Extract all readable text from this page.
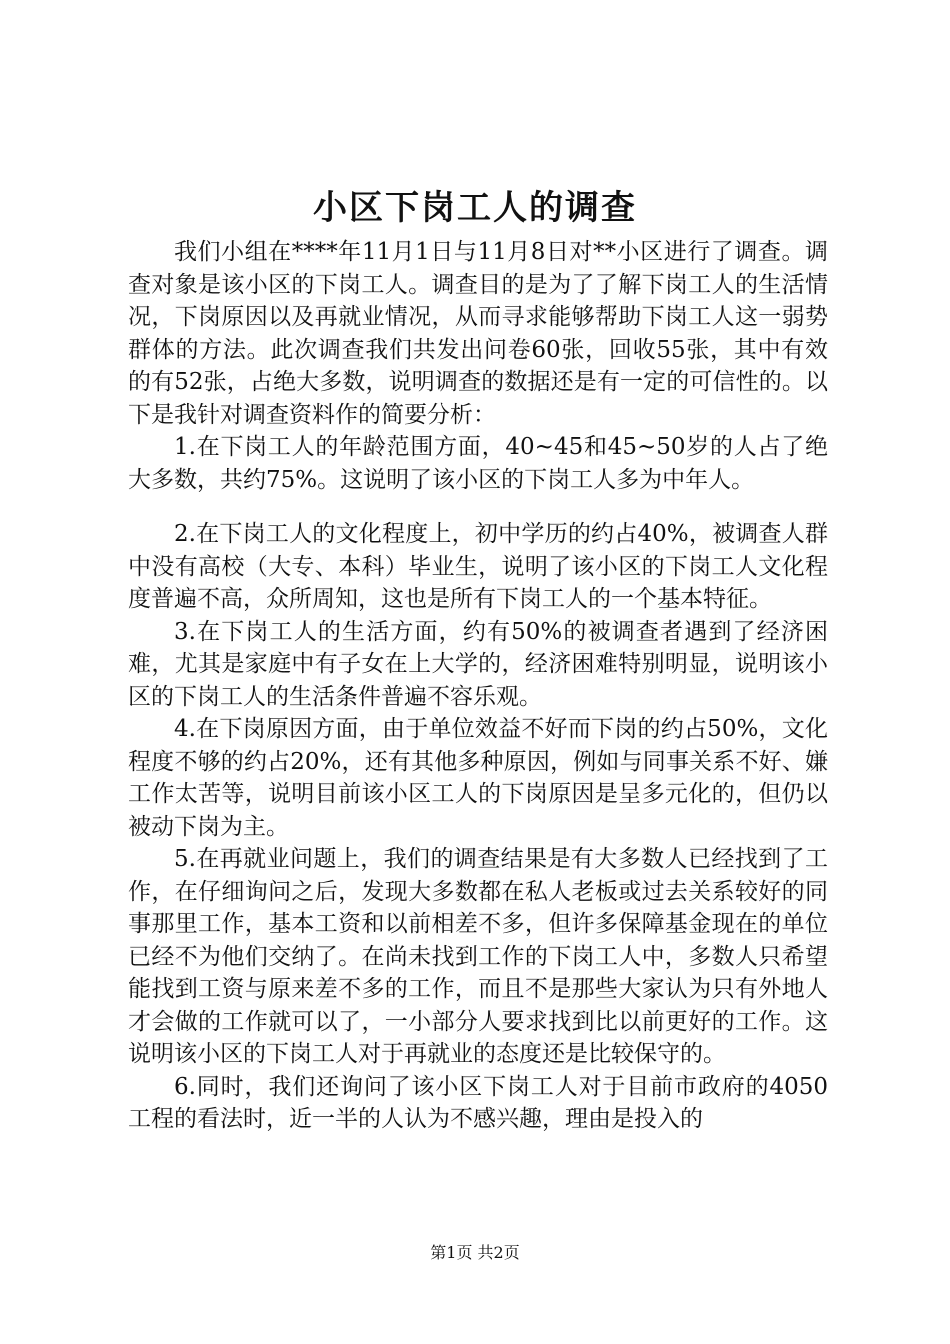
小区下岗工人的调查

我们小组在****年11月1日与11月8日对**小区进行了调查。调查对象是该小区的下岗工人。调查目的是为了了解下岗工人的生活情况，下岗原因以及再就业情况，从而寻求能够帮助下岗工人这一弱势群体的方法。此次调查我们共发出问卷60张，回收55张，其中有效的有52张，占绝大多数，说明调查的数据还是有一定的可信性的。以下是我针对调查资料作的简要分析：

1.在下岗工人的年龄范围方面，40~45和45~50岁的人占了绝大多数，共约75%。这说明了该小区的下岗工人多为中年人。

2.在下岗工人的文化程度上，初中学历的约占40%，被调查人群中没有高校（大专、本科）毕业生，说明了该小区的下岗工人文化程度普遍不高，众所周知，这也是所有下岗工人的一个基本特征。

3.在下岗工人的生活方面，约有50%的被调查者遇到了经济困难，尤其是家庭中有子女在上大学的，经济困难特别明显，说明该小区的下岗工人的生活条件普遍不容乐观。

4.在下岗原因方面，由于单位效益不好而下岗的约占50%，文化程度不够的约占20%，还有其他多种原因，例如与同事关系不好、嫌工作太苦等，说明目前该小区工人的下岗原因是呈多元化的，但仍以被动下岗为主。

5.在再就业问题上，我们的调查结果是有大多数人已经找到了工作，在仔细询问之后，发现大多数都在私人老板或过去关系较好的同事那里工作，基本工资和以前相差不多，但许多保障基金现在的单位已经不为他们交纳了。在尚未找到工作的下岗工人中，多数人只希望能找到工资与原来差不多的工作，而且不是那些大家认为只有外地人才会做的工作就可以了，一小部分人要求找到比以前更好的工作。这说明该小区的下岗工人对于再就业的态度还是比较保守的。

6.同时，我们还询问了该小区下岗工人对于目前市政府的4050工程的看法时，近一半的人认为不感兴趣，理由是投入的

第1页 共2页
